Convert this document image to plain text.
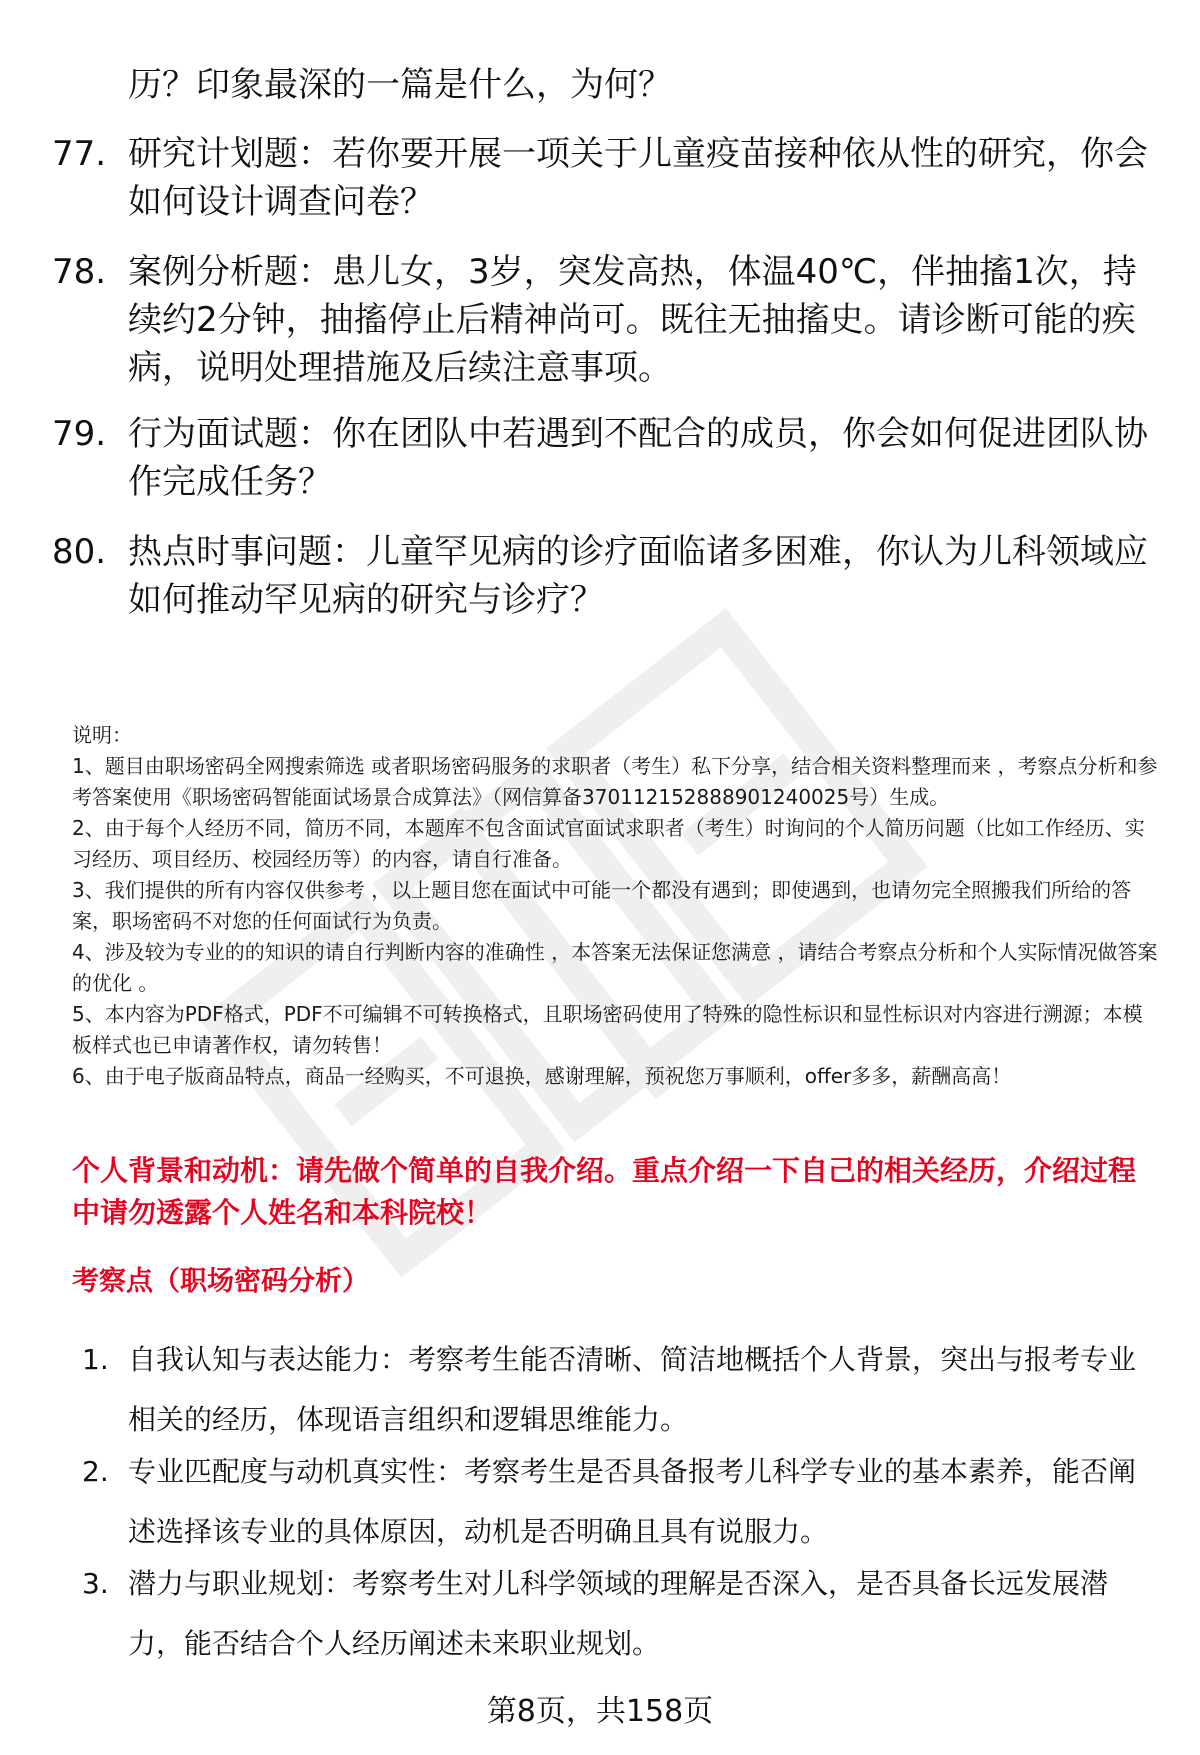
历？印象最深的一篇是什么，为何？
77. 研究计划题：若你要开展一项关于儿童疫苗接种依从性的研究，你会如何设计调查问卷？
78. 案例分析题：患儿女，3岁，突发高热，体温40℃，伴抽搐1次，持续约2分钟，抽搐停止后精神尚可。既往无抽搐史。请诊断可能的疾病，说明处理措施及后续注意事项。
79. 行为面试题：你在团队中若遇到不配合的成员，你会如何促进团队协作完成任务？
80. 热点时事问题：儿童罕见病的诊疗面临诸多困难，你认为儿科领域应如何推动罕见病的研究与诊疗？

说明：

1、题目由职场密码全网搜索筛选 或者职场密码服务的求职者（考生）私下分享，结合相关资料整理而来 ，考察点分析和参考答案使用《职场密码智能面试场景合成算法》（网信算备370112152888901240025号）生成。

2、由于每个人经历不同，简历不同，本题库不包含面试官面试求职者（考生）时询问的个人简历问题（比如工作经历、实习经历、项目经历、校园经历等）的内容，请自行准备。

3、我们提供的所有内容仅供参考 ，以上题目您在面试中可能一个都没有遇到；即使遇到，也请勿完全照搬我们所给的答案，职场密码不对您的任何面试行为负责。

4、涉及较为专业的的知识的请自行判断内容的准确性 ，本答案无法保证您满意 ，请结合考察点分析和个人实际情况做答案的优化 。

5、本内容为PDF格式，PDF不可编辑不可转换格式，且职场密码使用了特殊的隐性标识和显性标识对内容进行溯源；本模板样式也已申请著作权，请勿转售！

6、由于电子版商品特点，商品一经购买，不可退换，感谢理解，预祝您万事顺利，offer多多，薪酬高高！

个人背景和动机：请先做个简单的自我介绍。重点介绍一下自己的相关经历，介绍过程中请勿透露个人姓名和本科院校！
考察点（职场密码分析）
1. 自我认知与表达能力：考察考生能否清晰、简洁地概括个人背景，突出与报考专业相关的经历，体现语言组织和逻辑思维能力。
2. 专业匹配度与动机真实性：考察考生是否具备报考儿科学专业的基本素养，能否阐述选择该专业的具体原因，动机是否明确且具有说服力。
3. 潜力与职业规划：考察考生对儿科学领域的理解是否深入，是否具备长远发展潜力，能否结合个人经历阐述未来职业规划。
第8页，共158页
